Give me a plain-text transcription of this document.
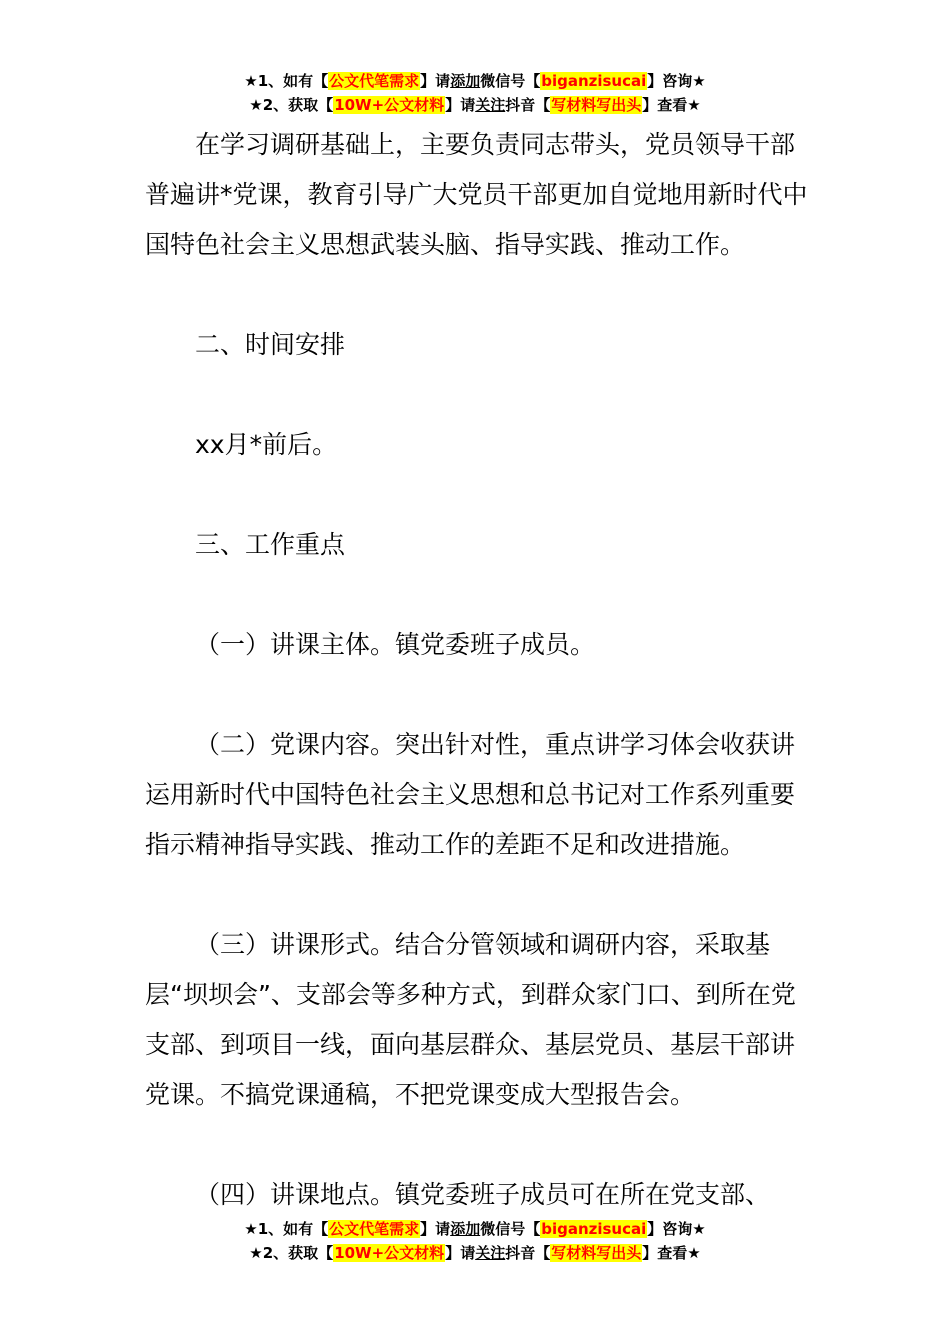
★1、如有【公文代笔需求】请添加微信号【biganzisucai】咨询★
★2、获取【10W+公文材料】请关注抖音【写材料写出头】查看★

在学习调研基础上，主要负责同志带头，党员领导干部普遍讲*党课，教育引导广大党员干部更加自觉地用新时代中国特色社会主义思想武装头脑、指导实践、推动工作。

二、时间安排

xx月*前后。

三、工作重点

（一）讲课主体。镇党委班子成员。

（二）党课内容。突出针对性，重点讲学习体会收获讲运用新时代中国特色社会主义思想和总书记对工作系列重要指示精神指导实践、推动工作的差距不足和改进措施。

（三）讲课形式。结合分管领域和调研内容，采取基层“坝坝会”、支部会等多种方式，到群众家门口、到所在党支部、到项目一线，面向基层群众、基层党员、基层干部讲党课。不搞党课通稿，不把党课变成大型报告会。

（四）讲课地点。镇党委班子成员可在所在党支部、

★1、如有【公文代笔需求】请添加微信号【biganzisucai】咨询★
★2、获取【10W+公文材料】请关注抖音【写材料写出头】查看★
